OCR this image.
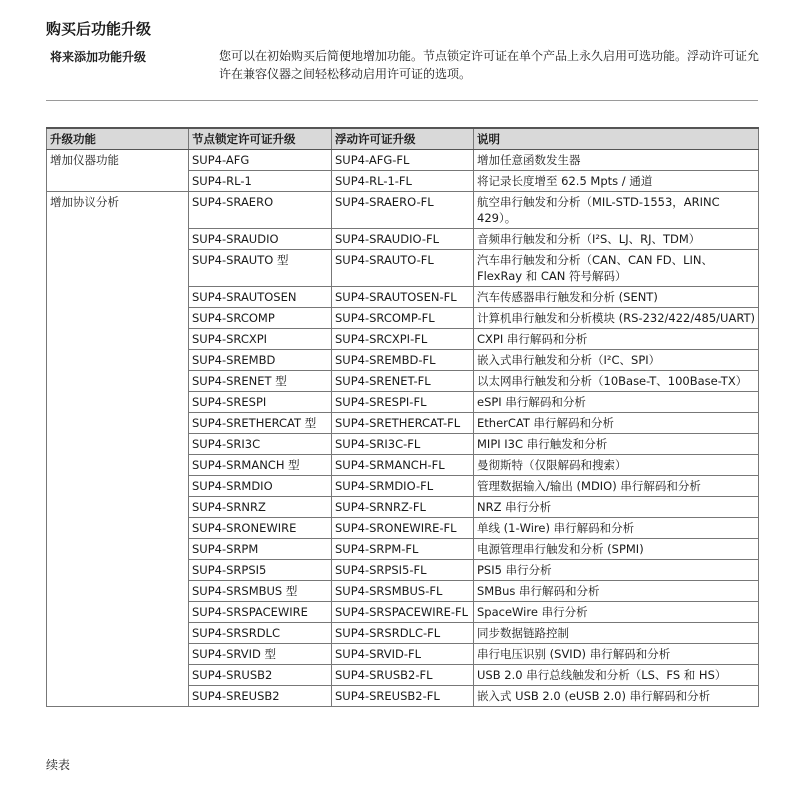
购买后功能升级
将来添加功能升级	您可以在初始购买后简便地增加功能。节点锁定许可证在单个产品上永久启用可选功能。浮动许可证允许在兼容仪器之间轻松移动启用许可证的选项。

升级功能	节点锁定许可证升级	浮动许可证升级	说明
增加仪器功能	SUP4-AFG	SUP4-AFG-FL	增加任意函数发生器
	SUP4-RL-1	SUP4-RL-1-FL	将记录长度增至 62.5 Mpts / 通道
增加协议分析	SUP4-SRAERO	SUP4-SRAERO-FL	航空串行触发和分析（MIL-STD-1553，ARINC 429）。
	SUP4-SRAUDIO	SUP4-SRAUDIO-FL	音频串行触发和分析（I²S、LJ、RJ、TDM）
	SUP4-SRAUTO 型	SUP4-SRAUTO-FL	汽车串行触发和分析（CAN、CAN FD、LIN、FlexRay 和 CAN 符号解码）
	SUP4-SRAUTOSEN	SUP4-SRAUTOSEN-FL	汽车传感器串行触发和分析 (SENT)
	SUP4-SRCOMP	SUP4-SRCOMP-FL	计算机串行触发和分析模块 (RS-232/422/485/UART)
	SUP4-SRCXPI	SUP4-SRCXPI-FL	CXPI 串行解码和分析
	SUP4-SREMBD	SUP4-SREMBD-FL	嵌入式串行触发和分析（I²C、SPI）
	SUP4-SRENET 型	SUP4-SRENET-FL	以太网串行触发和分析（10Base-T、100Base-TX）
	SUP4-SRESPI	SUP4-SRESPI-FL	eSPI 串行解码和分析
	SUP4-SRETHERCAT 型	SUP4-SRETHERCAT-FL	EtherCAT 串行解码和分析
	SUP4-SRI3C	SUP4-SRI3C-FL	MIPI I3C 串行触发和分析
	SUP4-SRMANCH 型	SUP4-SRMANCH-FL	曼彻斯特（仅限解码和搜索）
	SUP4-SRMDIO	SUP4-SRMDIO-FL	管理数据输入/输出 (MDIO) 串行解码和分析
	SUP4-SRNRZ	SUP4-SRNRZ-FL	NRZ 串行分析
	SUP4-SRONEWIRE	SUP4-SRONEWIRE-FL	单线 (1-Wire) 串行解码和分析
	SUP4-SRPM	SUP4-SRPM-FL	电源管理串行触发和分析 (SPMI)
	SUP4-SRPSI5	SUP4-SRPSI5-FL	PSI5 串行分析
	SUP4-SRSMBUS 型	SUP4-SRSMBUS-FL	SMBus 串行解码和分析
	SUP4-SRSPACEWIRE	SUP4-SRSPACEWIRE-FL	SpaceWire 串行分析
	SUP4-SRSRDLC	SUP4-SRSRDLC-FL	同步数据链路控制
	SUP4-SRVID 型	SUP4-SRVID-FL	串行电压识别 (SVID) 串行解码和分析
	SUP4-SRUSB2	SUP4-SRUSB2-FL	USB 2.0 串行总线触发和分析（LS、FS 和 HS）
	SUP4-SREUSB2	SUP4-SREUSB2-FL	嵌入式 USB 2.0 (eUSB 2.0) 串行解码和分析
续表
